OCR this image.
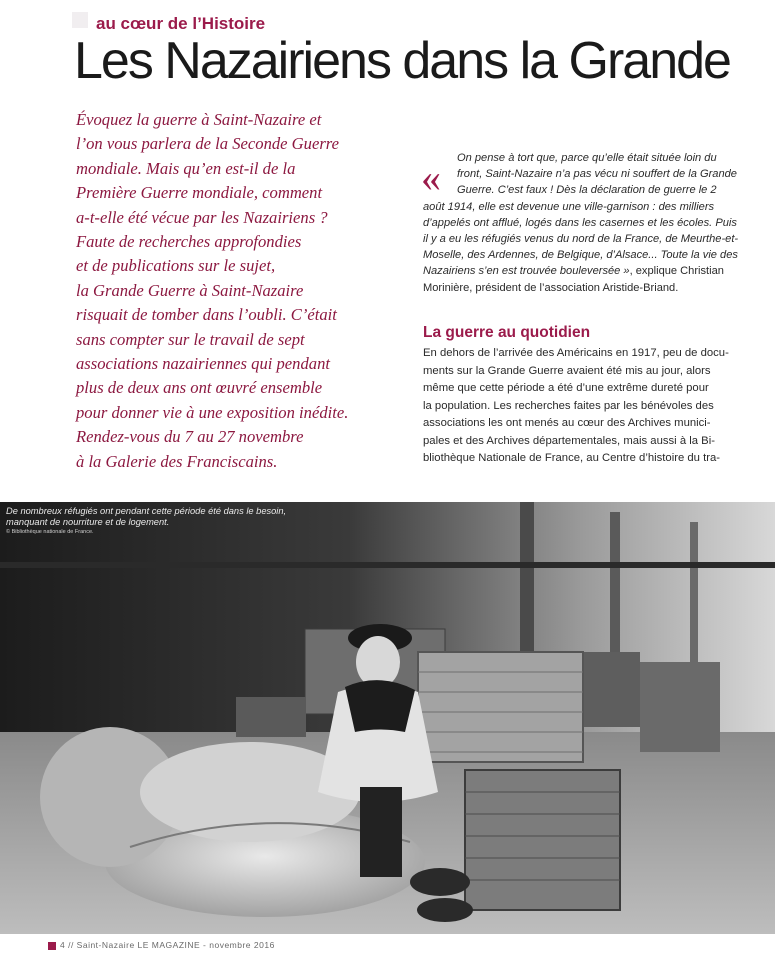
au cœur de l’Histoire
Les Nazairiens dans la Grande
Évoquez la guerre à Saint-Nazaire et
l’on vous parlera de la Seconde Guerre
mondiale. Mais qu’en est-il de la
Première Guerre mondiale, comment
a-t-elle été vécue par les Nazairiens ?
Faute de recherches approfondies
et de publications sur le sujet,
la Grande Guerre à Saint-Nazaire
risquait de tomber dans l’oubli. C’était
sans compter sur le travail de sept
associations nazairiennes qui pendant
plus de deux ans ont œuvré ensemble
pour donner vie à une exposition inédite.
Rendez-vous du 7 au 27 novembre
à la Galerie des Franciscains.
«	On pense à tort que, parce qu’elle était située loin du
front, Saint-Nazaire n’a pas vécu ni souffert de la Grande
Guerre. C’est faux ! Dès la déclaration de guerre le 2
août 1914, elle est devenue une ville-garnison : des milliers
d’appelés ont afflué, logés dans les casernes et les écoles. Puis
il y a eu les réfugiés venus du nord de la France, de Meurthe-et-
Moselle, des Ardennes, de Belgique, d’Alsace... Toute la vie des
Nazairiens s’en est trouvée bouleversée », explique Christian
Morinière, président de l’association Aristide-Briand.
La guerre au quotidien
En dehors de l’arrivée des Américains en 1917, peu de docu-
ments sur la Grande Guerre avaient été mis au jour, alors
même que cette période a été d’une extrême dureté pour
la population. Les recherches faites par les bénévoles des
associations les ont menés au cœur des Archives munici-
pales et des Archives départementales, mais aussi à la Bi-
bliothèque Nationale de France, au Centre d’histoire du tra-
De nombreux réfugiés ont pendant cette période été dans le besoin,
manquant de nourriture et de logement.
© Bibliothèque nationale de France.
4 // Saint-Nazaire LE MAGAZINE - novembre 2016
